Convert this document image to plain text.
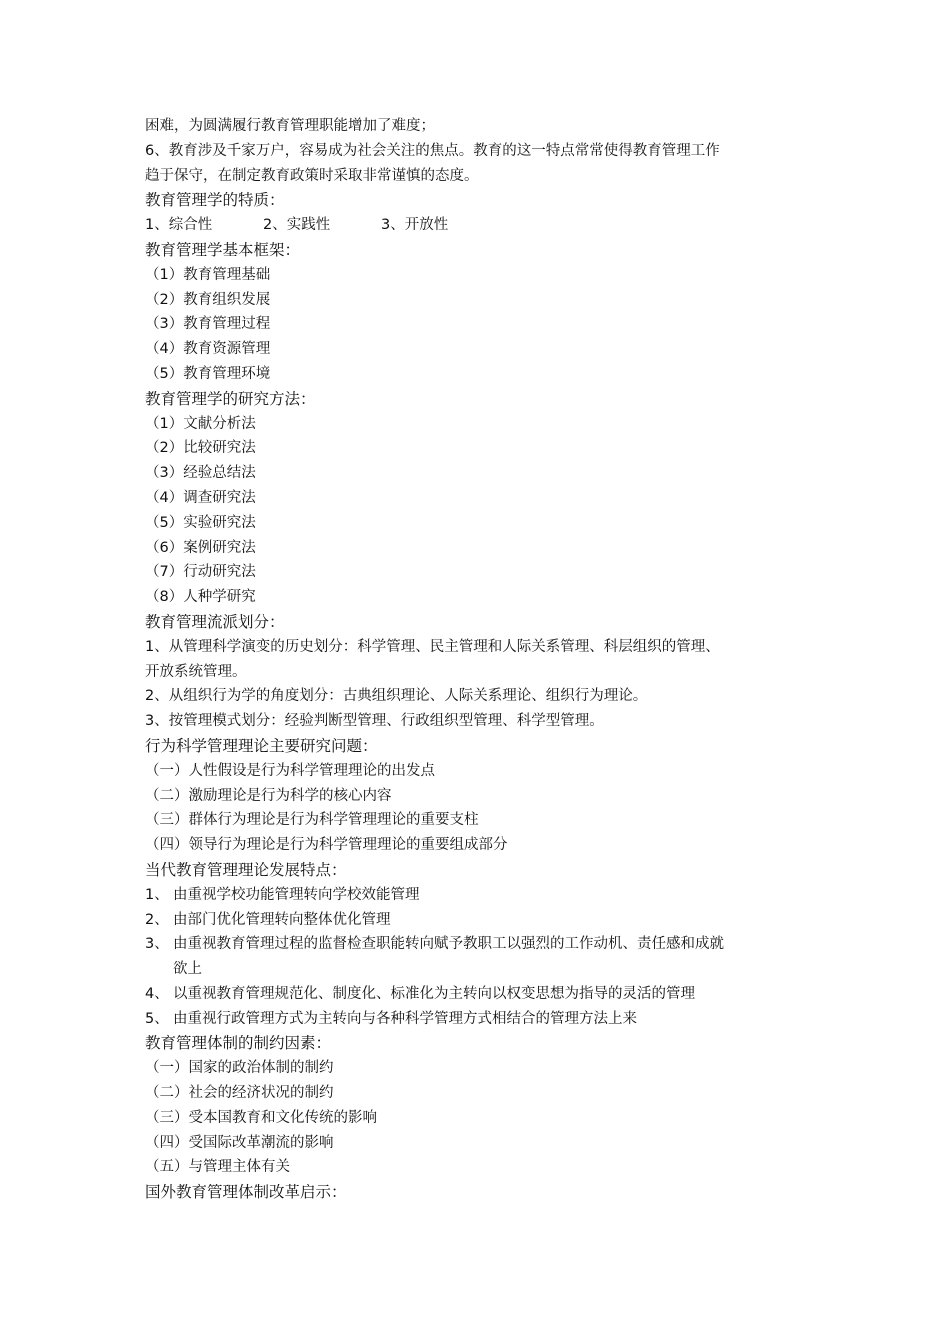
困难，为圆满履行教育管理职能增加了难度；
6、教育涉及千家万户，容易成为社会关注的焦点。教育的这一特点常常使得教育管理工作
趋于保守，在制定教育政策时采取非常谨慎的态度。
教育管理学的特质：
1、综合性	2、实践性	3、开放性
教育管理学基本框架：
（1）教育管理基础
（2）教育组织发展
（3）教育管理过程
（4）教育资源管理
（5）教育管理环境
教育管理学的研究方法：
（1）文献分析法
（2）比较研究法
（3）经验总结法
（4）调查研究法
（5）实验研究法
（6）案例研究法
（7）行动研究法
（8）人种学研究
教育管理流派划分：
1、从管理科学演变的历史划分：科学管理、民主管理和人际关系管理、科层组织的管理、
开放系统管理。
2、从组织行为学的角度划分：古典组织理论、人际关系理论、组织行为理论。
3、按管理模式划分：经验判断型管理、行政组织型管理、科学型管理。
行为科学管理理论主要研究问题：
（一）人性假设是行为科学管理理论的出发点
（二）激励理论是行为科学的核心内容
（三）群体行为理论是行为科学管理理论的重要支柱
（四）领导行为理论是行为科学管理理论的重要组成部分
当代教育管理理论发展特点：
1、 由重视学校功能管理转向学校效能管理
2、 由部门优化管理转向整体优化管理
3、 由重视教育管理过程的监督检查职能转向赋予教职工以强烈的工作动机、责任感和成就
欲上
4、 以重视教育管理规范化、制度化、标准化为主转向以权变思想为指导的灵活的管理
5、 由重视行政管理方式为主转向与各种科学管理方式相结合的管理方法上来
教育管理体制的制约因素：
（一）国家的政治体制的制约
（二）社会的经济状况的制约
（三）受本国教育和文化传统的影响
（四）受国际改革潮流的影响
（五）与管理主体有关
国外教育管理体制改革启示：
